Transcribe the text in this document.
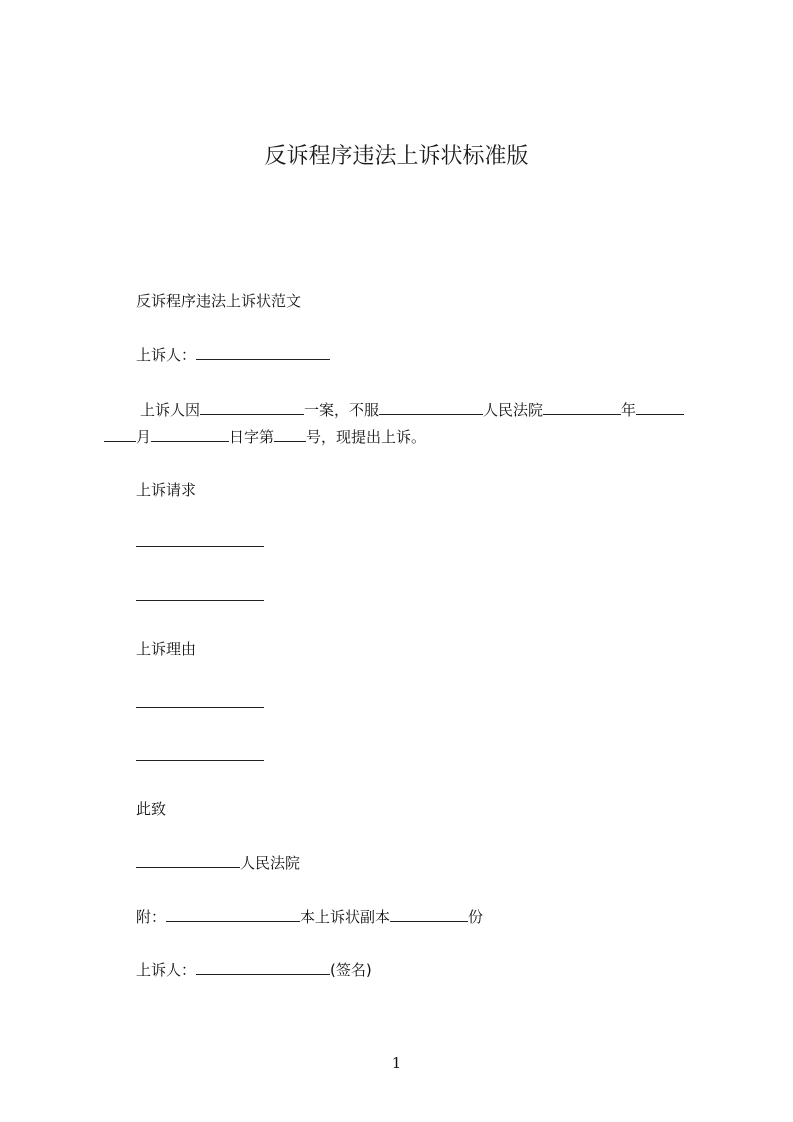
反诉程序违法上诉状标准版
反诉程序违法上诉状范文
上诉人：
上诉人因	一案，不服	人民法院	年
月	日字第 号，现提出上诉。
上诉请求
上诉理由
此致
人民法院
附：	本上诉状副本	份
上诉人：	(签名)
1
